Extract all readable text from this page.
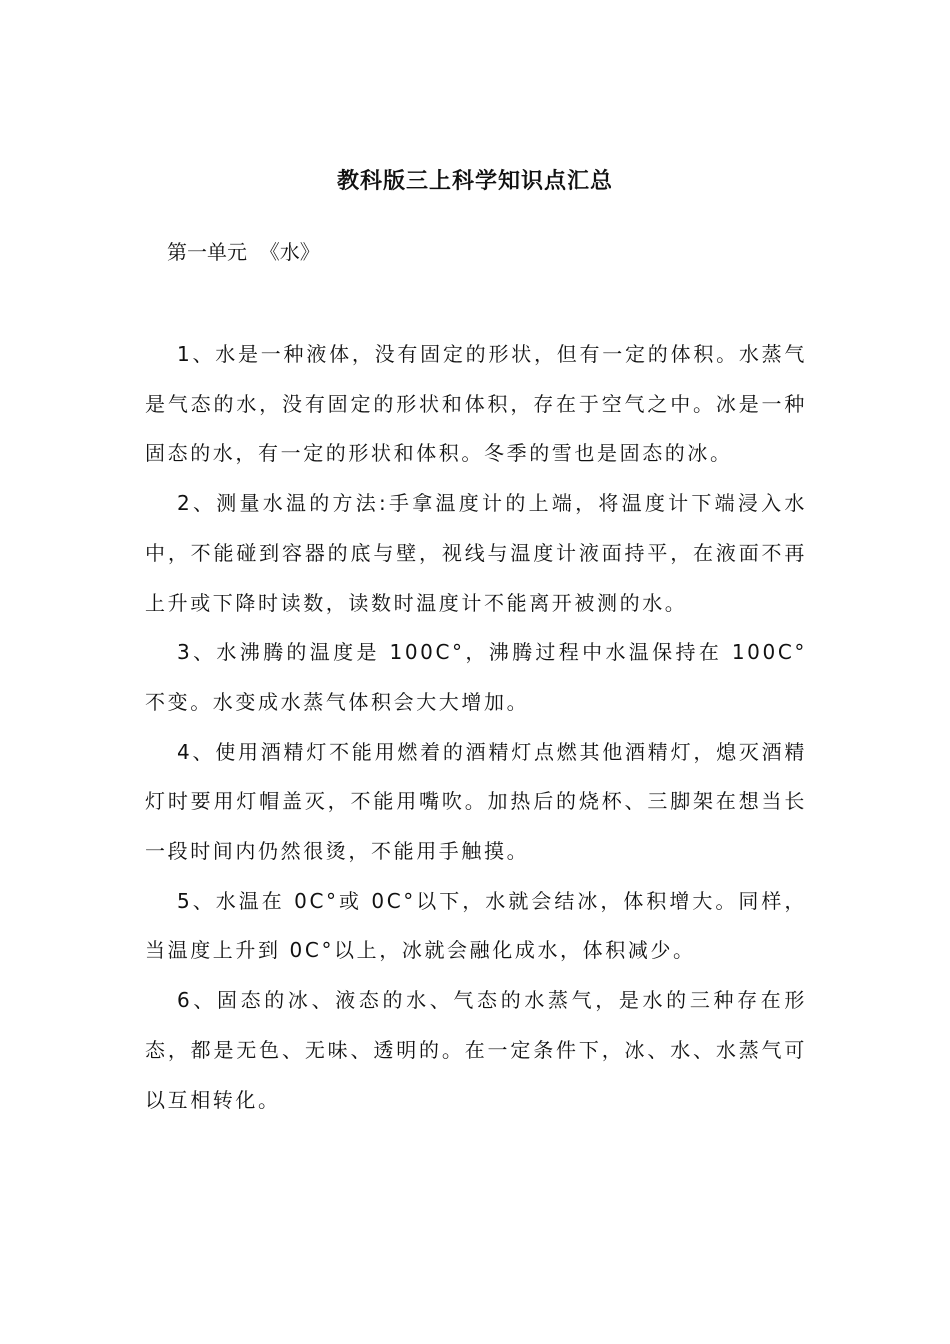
教科版三上科学知识点汇总

第一单元  《水》

1、水是一种液体，没有固定的形状，但有一定的体积。水蒸气是气态的水，没有固定的形状和体积，存在于空气之中。冰是一种固态的水，有一定的形状和体积。冬季的雪也是固态的冰。

2、测量水温的方法:手拿温度计的上端，将温度计下端浸入水中，不能碰到容器的底与壁，视线与温度计液面持平，在液面不再上升或下降时读数，读数时温度计不能离开被测的水。

3、水沸腾的温度是 100C°，沸腾过程中水温保持在 100C°不变。水变成水蒸气体积会大大增加。

4、使用酒精灯不能用燃着的酒精灯点燃其他酒精灯，熄灭酒精灯时要用灯帽盖灭，不能用嘴吹。加热后的烧杯、三脚架在想当长一段时间内仍然很烫，不能用手触摸。

5、水温在 0C°或 0C°以下，水就会结冰，体积增大。同样，当温度上升到 0C°以上，冰就会融化成水，体积减少。

6、固态的冰、液态的水、气态的水蒸气，是水的三种存在形态，都是无色、无味、透明的。在一定条件下，冰、水、水蒸气可以互相转化。
